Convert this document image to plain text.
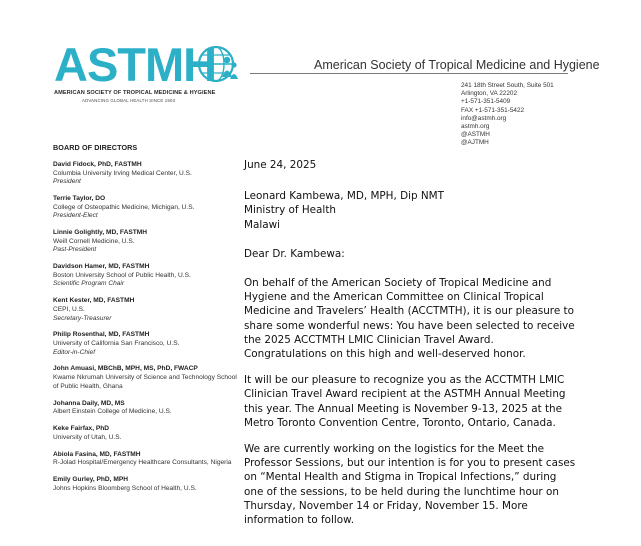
ASTMH
AMERICAN SOCIETY OF TROPICAL MEDICINE & HYGIENE
ADVANCING GLOBAL HEALTH SINCE 1903
American Society of Tropical Medicine and Hygiene
241 18th Street South, Suite 501
Arlington, VA 22202
+1-571-351-5409
FAX +1-571-351-5422
info@astmh.org
astmh.org
@ASTMH
@AJTMH
BOARD OF DIRECTORS
David Fidock, PhD, FASTMH
Columbia University Irving Medical Center, U.S.
President
Terrie Taylor, DO
College of Osteopathic Medicine, Michigan, U.S.
President-Elect
Linnie Golightly, MD, FASTMH
Weill Cornell Medicine, U.S.
Past-President
Davidson Hamer, MD, FASTMH
Boston University School of Public Health, U.S.
Scientific Program Chair
Kent Kester, MD, FASTMH
CEPI, U.S.
Secretary-Treasurer
Philip Rosenthal, MD, FASTMH
University of California San Francisco, U.S.
Editor-in-Chief
John Amuasi, MBChB, MPH, MS, PhD, FWACP
Kwame Nkrumah University of Science and Technology School of Public Health, Ghana
Johanna Daily, MD, MS
Albert Einstein College of Medicine, U.S.
Keke Fairfax, PhD
University of Utah, U.S.
Abiola Fasina, MD, FASTMH
R-Jolad Hospital/Emergency Healthcare Consultants, Nigeria
Emily Gurley, PhD, MPH
Johns Hopkins Bloomberg School of Health, U.S.
June 24, 2025
Leonard Kambewa, MD, MPH, Dip NMT
Ministry of Health
Malawi
Dear Dr. Kambewa:

On behalf of the American Society of Tropical Medicine and Hygiene and the American Committee on Clinical Tropical Medicine and Travelers’ Health (ACCTMTH), it is our pleasure to share some wonderful news: You have been selected to receive the 2025 ACCTMTH LMIC Clinician Travel Award. Congratulations on this high and well-deserved honor.

It will be our pleasure to recognize you as the ACCTMTH LMIC Clinician Travel Award recipient at the ASTMH Annual Meeting this year. The Annual Meeting is November 9-13, 2025 at the Metro Toronto Convention Centre, Toronto, Ontario, Canada.

We are currently working on the logistics for the Meet the Professor Sessions, but our intention is for you to present cases on “Mental Health and Stigma in Tropical Infections,” during one of the sessions, to be held during the lunchtime hour on Thursday, November 14 or Friday, November 15. More information to follow.
